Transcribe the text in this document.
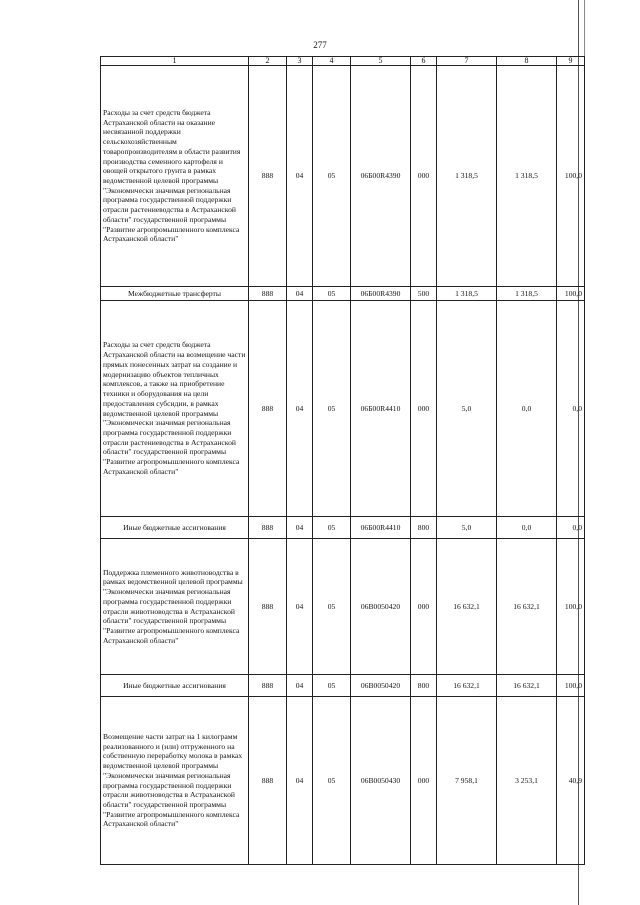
277
1	2	3	4	5	6	7	8	9
Расходы за счет средств бюджета Астраханской области на оказание несвязанной поддержки сельскохозяйственным товаропроизводителям в области развития производства семенного картофеля и овощей открытого грунта в рамках ведомственной целевой программы "Экономически значимая региональная программа государственной поддержки отрасли растениеводства в Астраханской области" государственной программы "Развитие агропромышленного комплекса Астраханской области"	888	04	05	06Б00R4390	000	1 318,5	1 318,5	100,0
Межбюджетные трансферты	888	04	05	06Б00R4390	500	1 318,5	1 318,5	100,0
Расходы за счет средств бюджета Астраханской области на возмещение части прямых понесенных затрат на создание и модернизацию объектов тепличных комплексов, а также на приобретение техники и оборудования на цели предоставления субсидии, в рамках ведомственной целевой программы "Экономически значимая региональная программа государственной поддержки отрасли растениеводства в Астраханской области" государственной программы "Развитие агропромышленного комплекса Астраханской области"	888	04	05	06Б00R4410	000	5,0	0,0	0,0
Иные бюджетные ассигнования	888	04	05	06Б00R4410	800	5,0	0,0	0,0
Поддержка племенного животноводства в рамках ведомственной целевой программы "Экономически значимая региональная программа государственной поддержки отрасли животноводства в Астраханской области" государственной программы "Развитие агропромышленного комплекса Астраханской области"	888	04	05	06В0050420	000	16 632,1	16 632,1	100,0
Иные бюджетные ассигнования	888	04	05	06В0050420	800	16 632,1	16 632,1	100,0
Возмещение части затрат на 1 килограмм реализованного и (или) отгруженного на собственную переработку молока в рамках ведомственной целевой программы "Экономически значимая региональная программа государственной поддержки отрасли животноводства в Астраханской области" государственной программы "Развитие агропромышленного комплекса Астраханской области"	888	04	05	06В0050430	000	7 958,1	3 253,1	40,9
